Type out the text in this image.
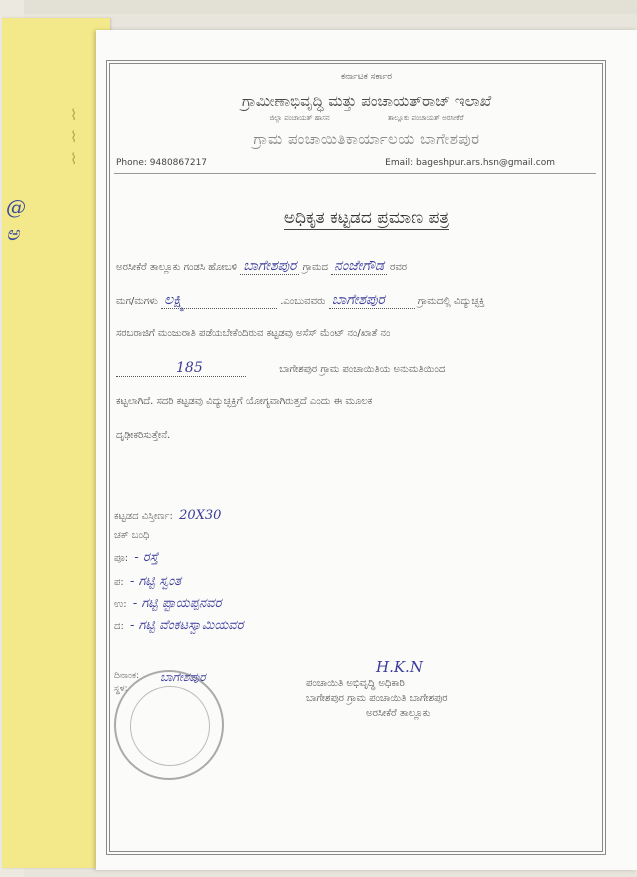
⌇
⌇
⌇
@
ಅ
ಕರ್ನಾಟಕ ಸರ್ಕಾರ
ಗ್ರಾಮೀಣಾಭಿವೃದ್ಧಿ ಮತ್ತು ಪಂಚಾಯತ್‌ರಾಜ್ ಇಲಾಖೆ
ಜಿಲ್ಲಾ ಪಂಚಾಯತ್ ಹಾಸನ	ತಾಲ್ಲೂಕು ಪಂಚಾಯತ್ ಅರಸೀಕೆರೆ
ಗ್ರಾಮ ಪಂಚಾಯಿತಿಕಾರ್ಯಾಲಯ ಬಾಗೇಶಪುರ
Phone: 9480867217	Email: bageshpur.ars.hsn@gmail.com
ಅಧಿಕೃತ ಕಟ್ಟಡದ ಪ್ರಮಾಣ ಪತ್ರ
ಅರಸೀಕೆರೆ ತಾಲ್ಲೂಕು ಗಂಡಸಿ ಹೋಬಳಿ ಬಾಗೇಶಪುರ ಗ್ರಾಮದ ನಂಜೇಗೌಡ ರವರ
ಮಗ/ಮಗಳು ಲಕ್ಷ್ಮಿ	.ಎಂಬುವವರು ಬಾಗೇಶಪುರ	ಗ್ರಾಮದಲ್ಲಿ ವಿದ್ಯುಚ್ಛಕ್ತಿ
ಸರಬರಾಜಿಗೆ ಮಂಜುರಾತಿ ಪಡೆಯಬೇಕೆಂದಿರುವ ಕಟ್ಟಡವು ಅಸೆಸ್ ಮೆಂಟ್ ನಂ/ಖಾತೆ ನಂ
185	ಬಾಗೇಶಪುರ ಗ್ರಾಮ ಪಂಚಾಯಿತಿಯ ಅನುಮತಿಯಿಂದ
ಕಟ್ಟಲಾಗಿದೆ. ಸದರಿ ಕಟ್ಟಡವು ವಿದ್ಯುಚ್ಛಕ್ತಿಗೆ ಯೋಗ್ಯವಾಗಿರುತ್ತದೆ ಎಂದು ಈ ಮೂಲಕ
ದೃಢೀಕರಿಸುತ್ತೇನೆ.
ಕಟ್ಟಡದ ವಿಸ್ತೀರ್ಣ: 20X30
ಚಕ್ ಬಂಧಿ
ಪೂ: - ರಸ್ತೆ
ಪ: - ಗಟ್ಟಿ ಸ್ವಂತ
ಉ: - ಗಟ್ಟಿ ಪ್ಟಾಯಪ್ಪನವರ
ದ: - ಗಟ್ಟಿ ವೆಂಕಟಸ್ವಾಮಿಯವರ
ದಿನಾಂಕ:
ಸ್ಥಳ:
ಬಾಗೇಶಪುರ
H.K.N
ಪಂಚಾಯಿತಿ ಅಭಿವೃದ್ಧಿ ಅಧಿಕಾರಿ
ಬಾಗೇಶಪುರ ಗ್ರಾಮ ಪಂಚಾಯಿತಿ ಬಾಗೇಶಪುರ
ಅರಸೀಕೆರೆ ತಾಲ್ಲೂಕು
